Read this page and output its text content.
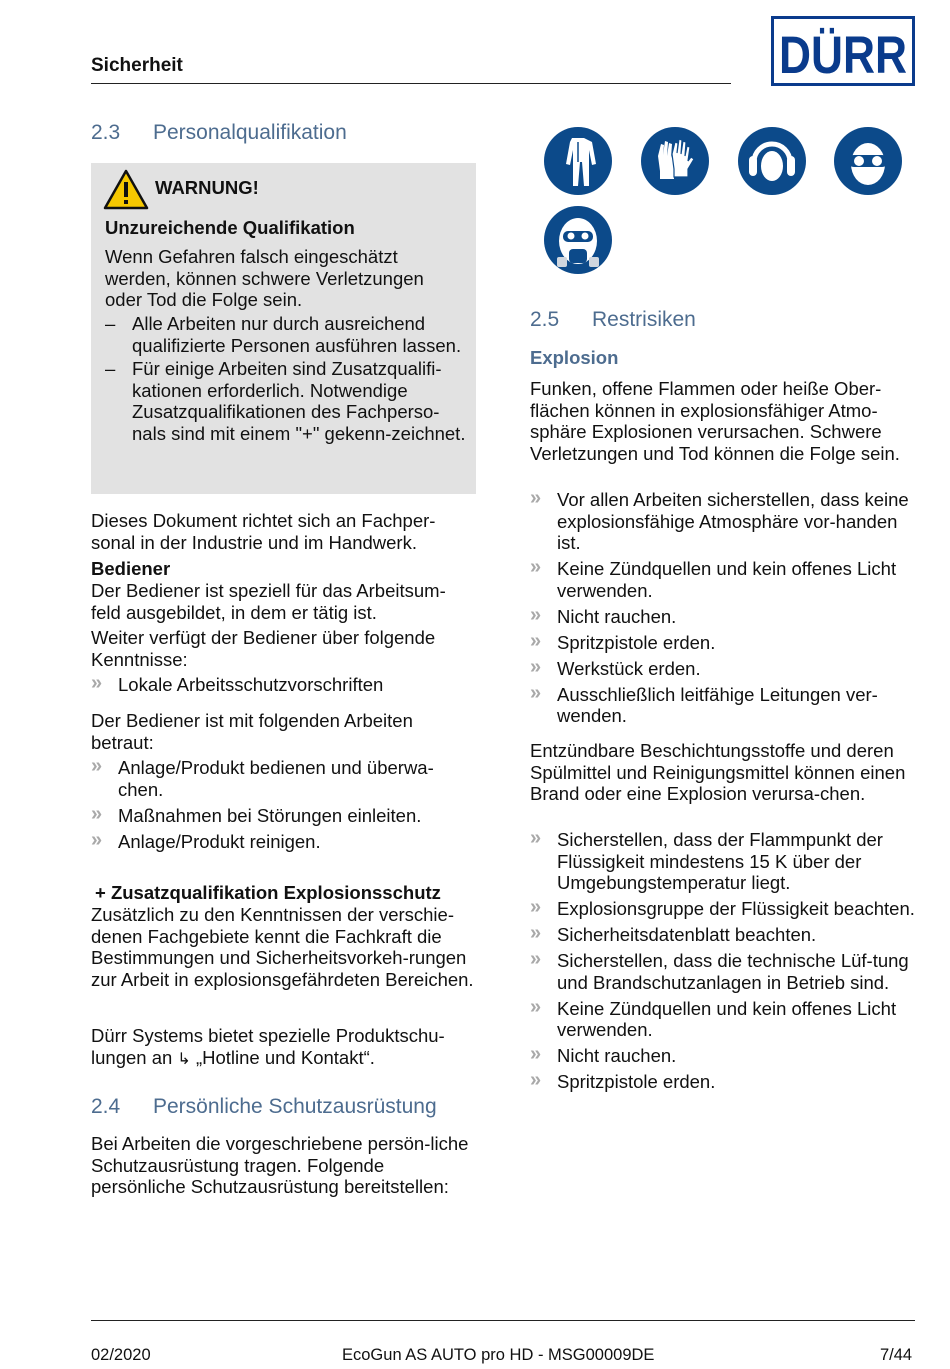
Sicherheit	DÜRR
2.3 Personalqualifikation
WARNUNG!
Unzureichende Qualifikation
Wenn Gefahren falsch eingeschätzt werden, können schwere Verletzungen oder Tod die Folge sein.
– Alle Arbeiten nur durch ausreichend qualifizierte Personen ausführen lassen.
– Für einige Arbeiten sind Zusatzqualifi-kationen erforderlich. Notwendige Zusatzqualifikationen des Fachperso-nals sind mit einem "+" gekenn-zeichnet.
Dieses Dokument richtet sich an Fachper-sonal in der Industrie und im Handwerk.
Bediener
Der Bediener ist speziell für das Arbeitsum-feld ausgebildet, in dem er tätig ist.
Weiter verfügt der Bediener über folgende Kenntnisse:
» Lokale Arbeitsschutzvorschriften
Der Bediener ist mit folgenden Arbeiten betraut:
» Anlage/Produkt bedienen und überwa-chen.
» Maßnahmen bei Störungen einleiten.
» Anlage/Produkt reinigen.
+ Zusatzqualifikation Explosionsschutz
Zusätzlich zu den Kenntnissen der verschie-denen Fachgebiete kennt die Fachkraft die Bestimmungen und Sicherheitsvorkeh-rungen zur Arbeit in explosionsgefährdeten Bereichen.
Dürr Systems bietet spezielle Produktschu-lungen an ↳ „Hotline und Kontakt“.
2.4 Persönliche Schutzausrüstung
Bei Arbeiten die vorgeschriebene persön-liche Schutzausrüstung tragen. Folgende persönliche Schutzausrüstung bereitstellen:
2.5 Restrisiken
Explosion
Funken, offene Flammen oder heiße Ober-flächen können in explosionsfähiger Atmo-sphäre Explosionen verursachen. Schwere Verletzungen und Tod können die Folge sein.
» Vor allen Arbeiten sicherstellen, dass keine explosionsfähige Atmosphäre vor-handen ist.
» Keine Zündquellen und kein offenes Licht verwenden.
» Nicht rauchen.
» Spritzpistole erden.
» Werkstück erden.
» Ausschließlich leitfähige Leitungen ver-wenden.
Entzündbare Beschichtungsstoffe und deren Spülmittel und Reinigungsmittel können einen Brand oder eine Explosion verursa-chen.
» Sicherstellen, dass der Flammpunkt der Flüssigkeit mindestens 15 K über der Umgebungstemperatur liegt.
» Explosionsgruppe der Flüssigkeit beachten.
» Sicherheitsdatenblatt beachten.
» Sicherstellen, dass die technische Lüf-tung und Brandschutzanlagen in Betrieb sind.
» Keine Zündquellen und kein offenes Licht verwenden.
» Nicht rauchen.
» Spritzpistole erden.
02/2020	EcoGun AS AUTO pro HD - MSG00009DE	7/44
